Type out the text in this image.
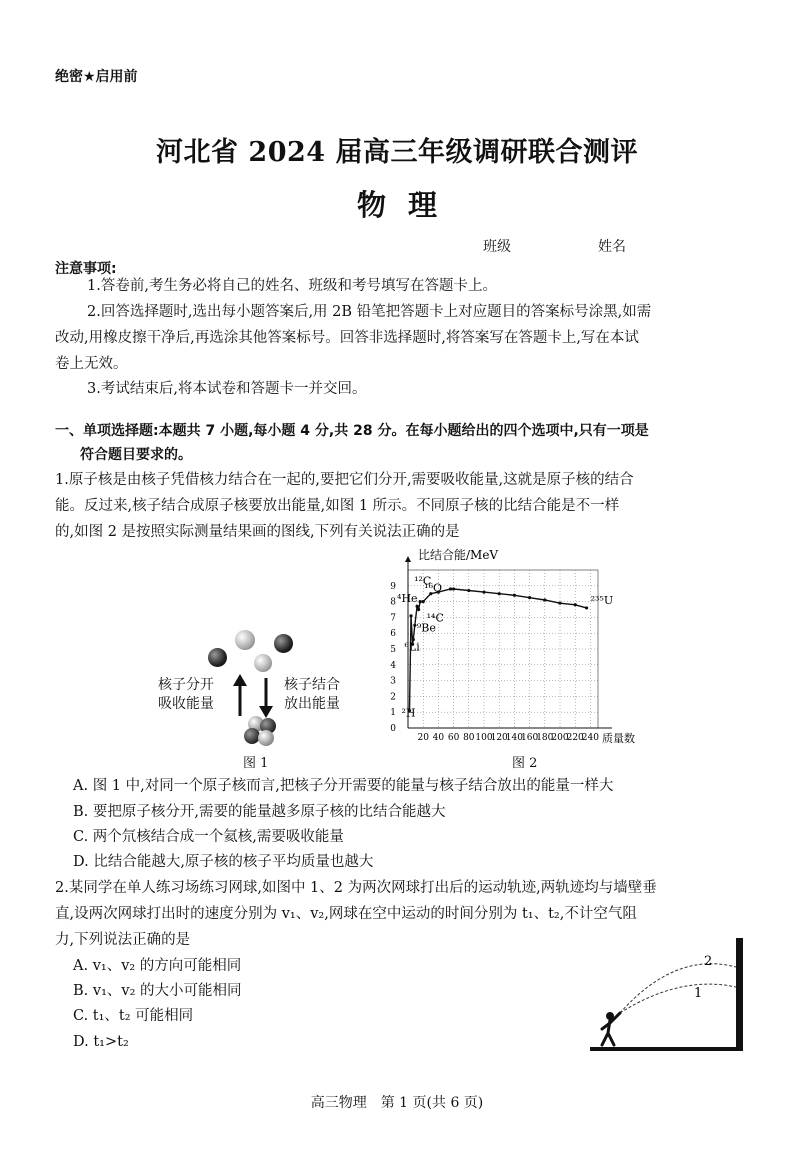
绝密★启用前
河北省 2024 届高三年级调研联合测评
物理
班级	姓名
注意事项:
1.答卷前,考生务必将自己的姓名、班级和考号填写在答题卡上。
2.回答选择题时,选出每小题答案后,用 2B 铅笔把答题卡上对应题目的答案标号涂黑,如需
改动,用橡皮擦干净后,再选涂其他答案标号。回答非选择题时,将答案写在答题卡上,写在本试
卷上无效。
3.考试结束后,将本试卷和答题卡一并交回。
一、单项选择题:本题共 7 小题,每小题 4 分,共 28 分。在每小题给出的四个选项中,只有一项是
符合题目要求的。
1.原子核是由核子凭借核力结合在一起的,要把它们分开,需要吸收能量,这就是原子核的结合
能。反过来,核子结合成原子核要放出能量,如图 1 所示。不同原子核的比结合能是不一样
的,如图 2 是按照实际测量结果画的图线,下列有关说法正确的是
核子分开
吸收能量
核子结合
放出能量
图 1
20 40 60 80 100
120
140
160
180
200
220
240
0
1
2
3
4
5
6
7
8
9
⁴He
¹²C
¹⁶O
²³⁵U
¹⁴C
⁹Be
⁶Li
²H
比结合能/MeV
质量数
图 2
A. 图 1 中,对同一个原子核而言,把核子分开需要的能量与核子结合放出的能量一样大
B. 要把原子核分开,需要的能量越多原子核的比结合能越大
C. 两个氘核结合成一个氦核,需要吸收能量
D. 比结合能越大,原子核的核子平均质量也越大
2.某同学在单人练习场练习网球,如图中 1、2 为两次网球打出后的运动轨迹,两轨迹均与墙壁垂
直,设两次网球打出时的速度分别为 v₁、v₂,网球在空中运动的时间分别为 t₁、t₂,不计空气阻
力,下列说法正确的是
A. v₁、v₂ 的方向可能相同
B. v₁、v₂ 的大小可能相同
C. t₁、t₂ 可能相同
D. t₁>t₂
2
1
高三物理　第 1 页(共 6 页)
